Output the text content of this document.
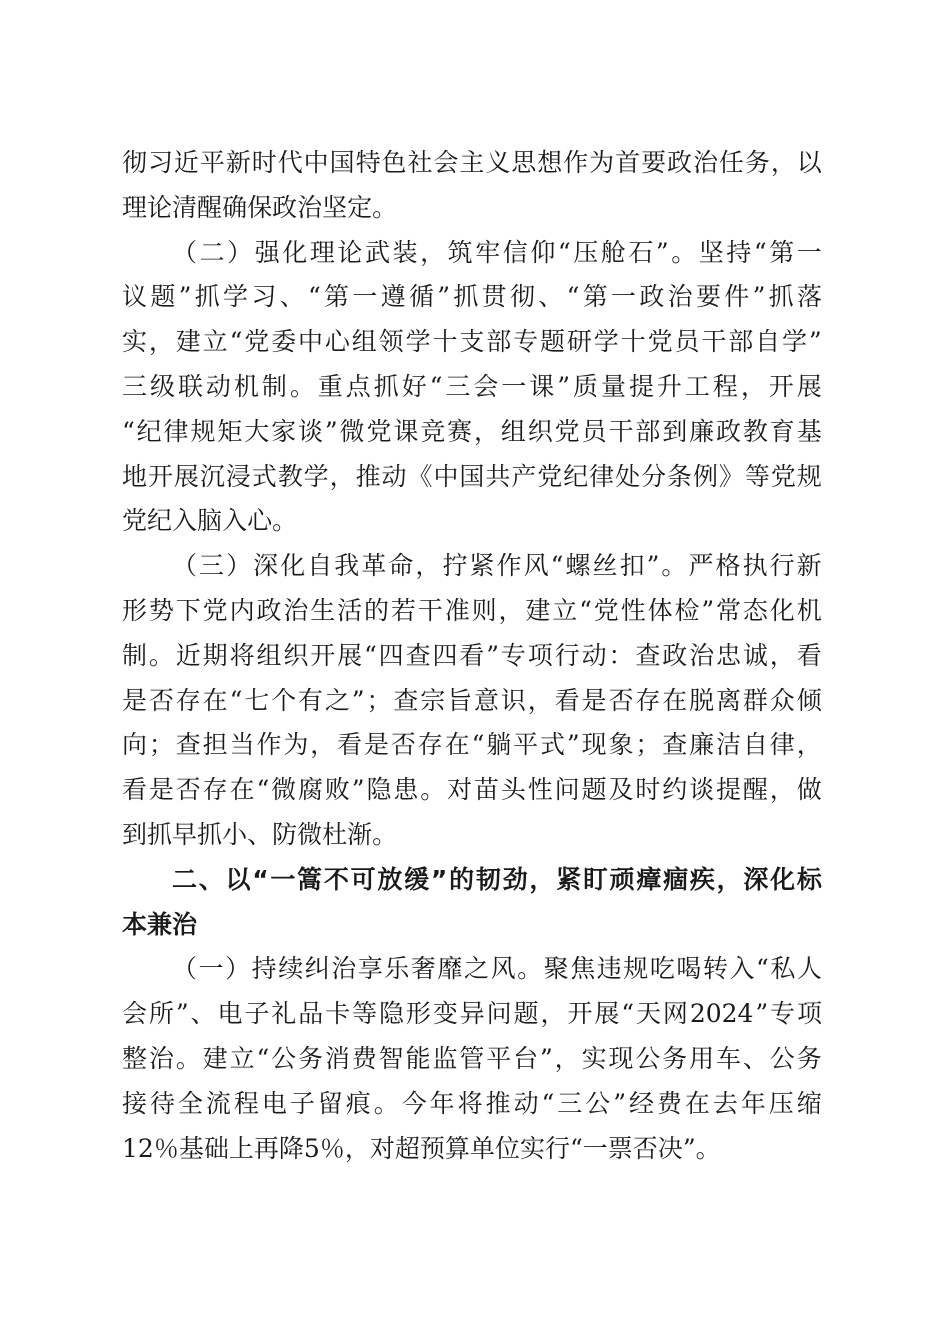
彻 习 近 平 新 时 代 中 国 特 色 社 会 主 义 思 想 作 为 首 要 政 治 任 务 ， 以
理 论 清 醒 确 保 政 治 坚 定 。
（ 二 ） 强 化 理 论 武 装 ， 筑 牢 信 仰 “ 压 舱 石 ” 。 坚 持 “ 第 一
议 题 ” 抓 学 习 、 “ 第 一 遵 循 ” 抓 贯 彻 、 “ 第 一 政 治 要 件 ” 抓 落
实 ， 建 立 “ 党 委 中 心 组 领 学 十 支 部 专 题 研 学 十 党 员 干 部 自 学 ”
三 级 联 动 机 制 。 重 点 抓 好 “ 三 会 一 课 ” 质 量 提 升 工 程 ， 开 展
“ 纪 律 规 矩 大 家 谈 ” 微 党 课 竞 赛 ， 组 织 党 员 干 部 到 廉 政 教 育 基
地 开 展 沉 浸 式 教 学 ， 推 动 《 中 国 共 产 党 纪 律 处 分 条 例 》 等 党 规
党 纪 入 脑 入 心 。
（ 三 ） 深 化 自 我 革 命 ， 拧 紧 作 风 “ 螺 丝 扣 ” 。 严 格 执 行 新
形 势 下 党 内 政 治 生 活 的 若 干 准 则 ， 建 立 “ 党 性 体 检 ” 常 态 化 机
制 。 近 期 将 组 织 开 展 “ 四 查 四 看 ” 专 项 行 动 ： 查 政 治 忠 诚 ， 看
是 否 存 在 “ 七 个 有 之 ” ； 查 宗 旨 意 识 ， 看 是 否 存 在 脱 离 群 众 倾
向 ； 查 担 当 作 为 ， 看 是 否 存 在 “ 躺 平 式 ” 现 象 ； 查 廉 洁 自 律 ，
看 是 否 存 在 “ 微 腐 败 ” 隐 患 。 对 苗 头 性 问 题 及 时 约 谈 提 醒 ， 做
到 抓 早 抓 小 、 防 微 杜 渐 。
二 、 以 “ 一 篙 不 可 放 缓 ” 的 韧 劲 ， 紧 盯 顽 瘴 痼 疾 ， 深 化 标
本 兼 治
（ 一 ） 持 续 纠 治 享 乐 奢 靡 之 风 。 聚 焦 违 规 吃 喝 转 入 “ 私 人
会 所 ” 、 电 子 礼 品 卡 等 隐 形 变 异 问 题 ， 开 展 “ 天 网 2024 ” 专 项
整 治 。 建 立 “ 公 务 消 费 智 能 监 管 平 台 ” ， 实 现 公 务 用 车 、 公 务
接 待 全 流 程 电 子 留 痕 。 今 年 将 推 动 “ 三 公 ” 经 费 在 去 年 压 缩
12 ％ 基 础 上 再 降 5 ％ ， 对 超 预 算 单 位 实 行 “ 一 票 否 决 ” 。
